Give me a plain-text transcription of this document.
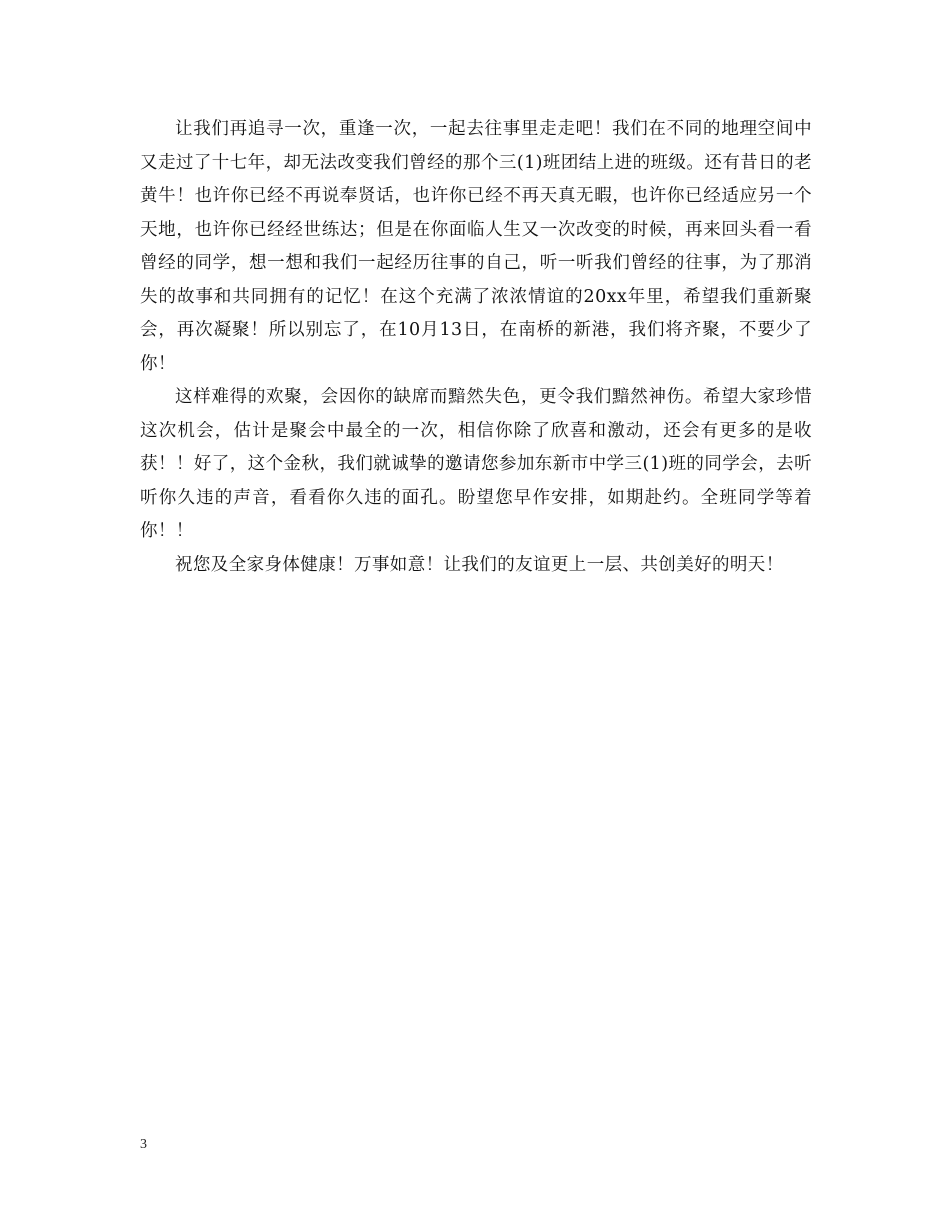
让我们再追寻一次，重逢一次，一起去往事里走走吧！我们在不同的地理空间中又走过了十七年，却无法改变我们曾经的那个三(1)班团结上进的班级。还有昔日的老黄牛！也许你已经不再说奉贤话，也许你已经不再天真无暇，也许你已经适应另一个天地，也许你已经经世练达；但是在你面临人生又一次改变的时候，再来回头看一看曾经的同学，想一想和我们一起经历往事的自己，听一听我们曾经的往事，为了那消失的故事和共同拥有的记忆！在这个充满了浓浓情谊的20xx年里，希望我们重新聚会，再次凝聚！所以别忘了，在10月13日，在南桥的新港，我们将齐聚，不要少了你！

这样难得的欢聚，会因你的缺席而黯然失色，更令我们黯然神伤。希望大家珍惜这次机会，估计是聚会中最全的一次，相信你除了欣喜和激动，还会有更多的是收获！！好了，这个金秋，我们就诚挚的邀请您参加东新市中学三(1)班的同学会，去听听你久违的声音，看看你久违的面孔。盼望您早作安排，如期赴约。全班同学等着你！！

祝您及全家身体健康！万事如意！让我们的友谊更上一层、共创美好的明天！

3
